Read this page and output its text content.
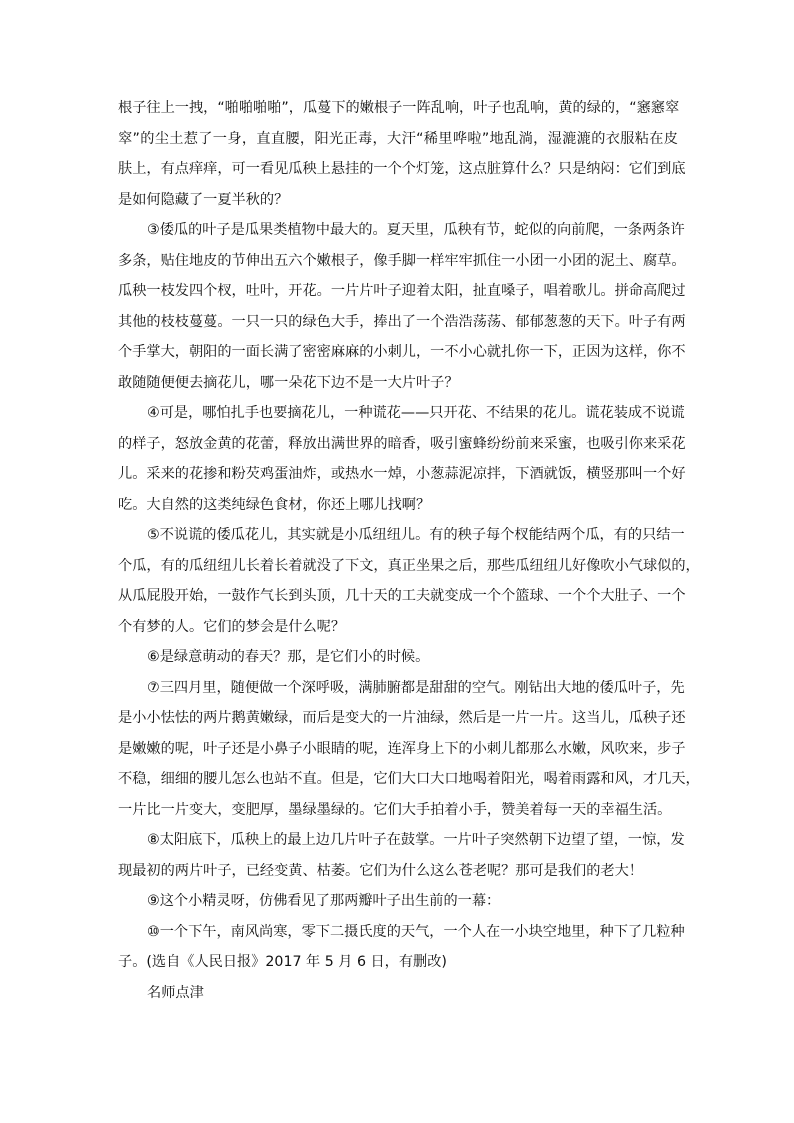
根子往上一拽，“啪啪啪啪”，瓜蔓下的嫩根子一阵乱响，叶子也乱响，黄的绿的，“窸窸窣
窣”的尘土惹了一身，直直腰，阳光正毒，大汗“稀里哗啦”地乱淌，湿漉漉的衣服粘在皮
肤上，有点痒痒，可一看见瓜秧上悬挂的一个个灯笼，这点脏算什么？只是纳闷：它们到底
是如何隐藏了一夏半秋的？
③倭瓜的叶子是瓜果类植物中最大的。夏天里，瓜秧有节，蛇似的向前爬，一条两条许
多条，贴住地皮的节伸出五六个嫩根子，像手脚一样牢牢抓住一小团一小团的泥土、腐草。
瓜秧一枝发四个杈，吐叶，开花。一片片叶子迎着太阳，扯直嗓子，唱着歌儿。拼命高爬过
其他的枝枝蔓蔓。一只一只的绿色大手，捧出了一个浩浩荡荡、郁郁葱葱的天下。叶子有两
个手掌大，朝阳的一面长满了密密麻麻的小刺儿，一不小心就扎你一下，正因为这样，你不
敢随随便便去摘花儿，哪一朵花下边不是一大片叶子？
④可是，哪怕扎手也要摘花儿，一种谎花——只开花、不结果的花儿。谎花装成不说谎
的样子，怒放金黄的花蕾，释放出满世界的暗香，吸引蜜蜂纷纷前来采蜜，也吸引你来采花
儿。采来的花掺和粉芡鸡蛋油炸，或热水一焯，小葱蒜泥凉拌，下酒就饭，横竖那叫一个好
吃。大自然的这类纯绿色食材，你还上哪儿找啊？
⑤不说谎的倭瓜花儿，其实就是小瓜纽纽儿。有的秧子每个杈能结两个瓜，有的只结一
个瓜，有的瓜纽纽儿长着长着就没了下文，真正坐果之后，那些瓜纽纽儿好像吹小气球似的，
从瓜屁股开始，一鼓作气长到头顶，几十天的工夫就变成一个个篮球、一个个大肚子、一个
个有梦的人。它们的梦会是什么呢？
⑥是绿意萌动的春天？那，是它们小的时候。
⑦三四月里，随便做一个深呼吸，满肺腑都是甜甜的空气。刚钻出大地的倭瓜叶子，先
是小小怯怯的两片鹅黄嫩绿，而后是变大的一片油绿，然后是一片一片。这当儿，瓜秧子还
是嫩嫩的呢，叶子还是小鼻子小眼睛的呢，连浑身上下的小刺儿都那么水嫩，风吹来，步子
不稳，细细的腰儿怎么也站不直。但是，它们大口大口地喝着阳光，喝着雨露和风，才几天，
一片比一片变大，变肥厚，墨绿墨绿的。它们大手拍着小手，赞美着每一天的幸福生活。
⑧太阳底下，瓜秧上的最上边几片叶子在鼓掌。一片叶子突然朝下边望了望，一惊，发
现最初的两片叶子，已经变黄、枯萎。它们为什么这么苍老呢？那可是我们的老大！
⑨这个小精灵呀，仿佛看见了那两瓣叶子出生前的一幕：
⑩一个下午，南风尚寒，零下二摄氏度的天气，一个人在一小块空地里，种下了几粒种
子。(选自《人民日报》2017 年 5 月 6 日，有删改)
名师点津
